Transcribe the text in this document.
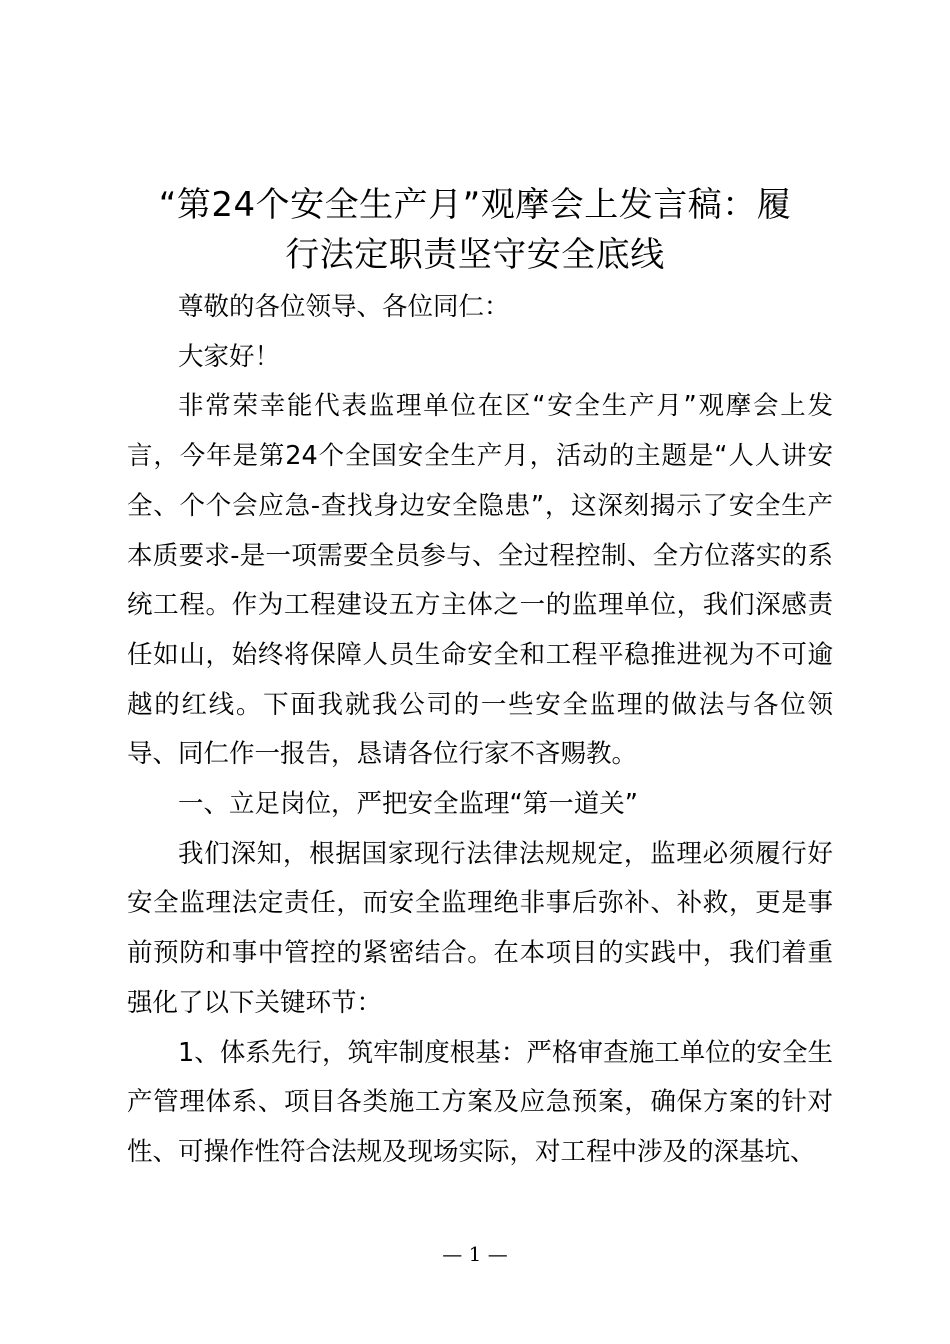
“第24个安全生产月”观摩会上发言稿：履
行法定职责坚守安全底线

尊敬的各位领导、各位同仁：

大家好！

非常荣幸能代表监理单位在区“安全生产月”观摩会上发言，今年是第24个全国安全生产月，活动的主题是“人人讲安全、个个会应急-查找身边安全隐患”，这深刻揭示了安全生产本质要求-是一项需要全员参与、全过程控制、全方位落实的系统工程。作为工程建设五方主体之一的监理单位，我们深感责任如山，始终将保障人员生命安全和工程平稳推进视为不可逾越的红线。下面我就我公司的一些安全监理的做法与各位领导、同仁作一报告，恳请各位行家不吝赐教。

一、立足岗位，严把安全监理“第一道关”

我们深知，根据国家现行法律法规规定，监理必须履行好安全监理法定责任，而安全监理绝非事后弥补、补救，更是事前预防和事中管控的紧密结合。在本项目的实践中，我们着重强化了以下关键环节：

1、体系先行，筑牢制度根基：严格审查施工单位的安全生产管理体系、项目各类施工方案及应急预案，确保方案的针对性、可操作性符合法规及现场实际，对工程中涉及的深基坑、

— 1 —
